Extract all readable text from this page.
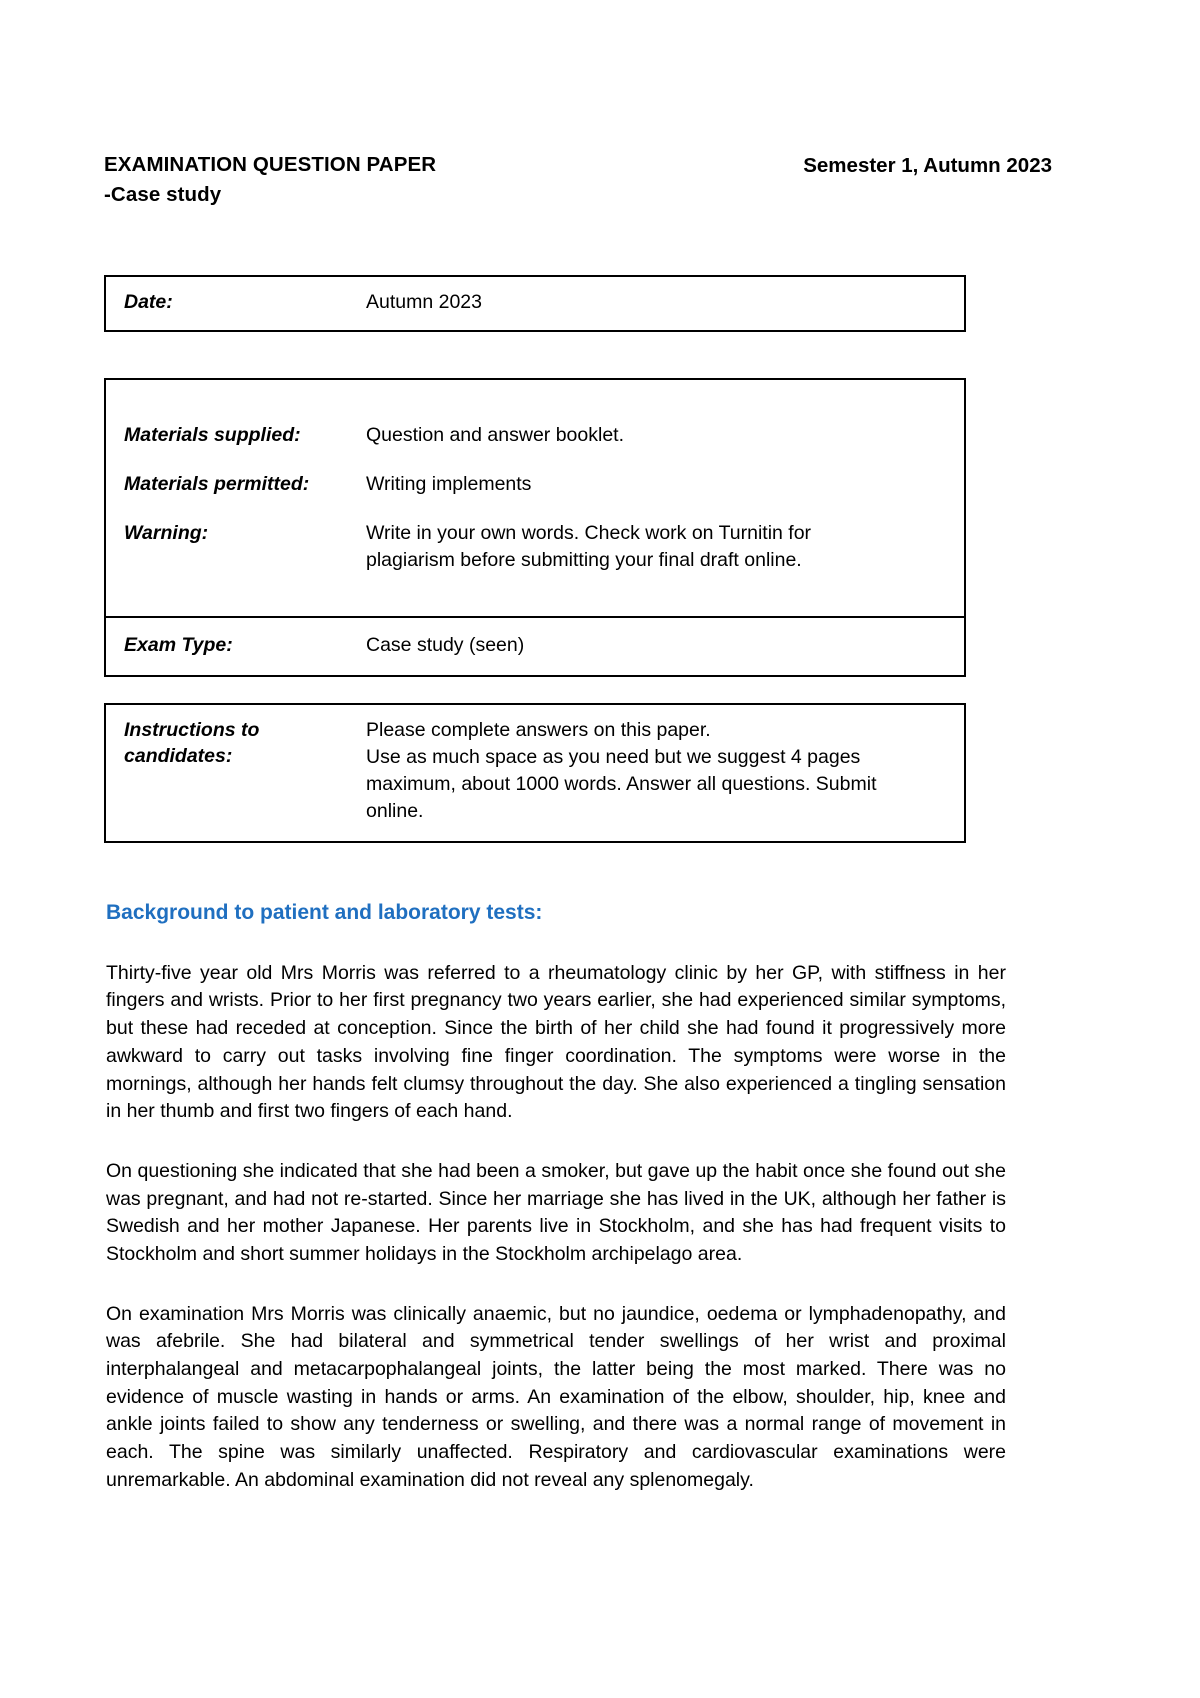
EXAMINATION QUESTION PAPER
-Case study
Semester 1, Autumn 2023
Date:	Autumn 2023
Materials supplied:	Question and answer booklet.
Materials permitted:	Writing implements
Warning:	Write in your own words. Check work on Turnitin for
plagiarism before submitting your final draft online.
Exam Type:	Case study (seen)
Instructions to
candidates:
Please complete answers on this paper.
Use as much space as you need but we suggest 4 pages
maximum, about 1000 words. Answer all questions. Submit
online.
Background to patient and laboratory tests:

Thirty-five year old Mrs Morris was referred to a rheumatology clinic by her GP, with stiffness in her fingers and wrists. Prior to her first pregnancy two years earlier, she had experienced similar symptoms, but these had receded at conception. Since the birth of her child she had found it progressively more awkward to carry out tasks involving fine finger coordination. The symptoms were worse in the mornings, although her hands felt clumsy throughout the day. She also experienced a tingling sensation in her thumb and first two fingers of each hand.

On questioning she indicated that she had been a smoker, but gave up the habit once she found out she was pregnant, and had not re-started. Since her marriage she has lived in the UK, although her father is Swedish and her mother Japanese. Her parents live in Stockholm, and she has had frequent visits to Stockholm and short summer holidays in the Stockholm archipelago area.

On examination Mrs Morris was clinically anaemic, but no jaundice, oedema or lymphadenopathy, and was afebrile. She had bilateral and symmetrical tender swellings of her wrist and proximal interphalangeal and metacarpophalangeal joints, the latter being the most marked. There was no evidence of muscle wasting in hands or arms. An examination of the elbow, shoulder, hip, knee and ankle joints failed to show any tenderness or swelling, and there was a normal range of movement in each. The spine was similarly unaffected. Respiratory and cardiovascular examinations were unremarkable. An abdominal examination did not reveal any splenomegaly.
